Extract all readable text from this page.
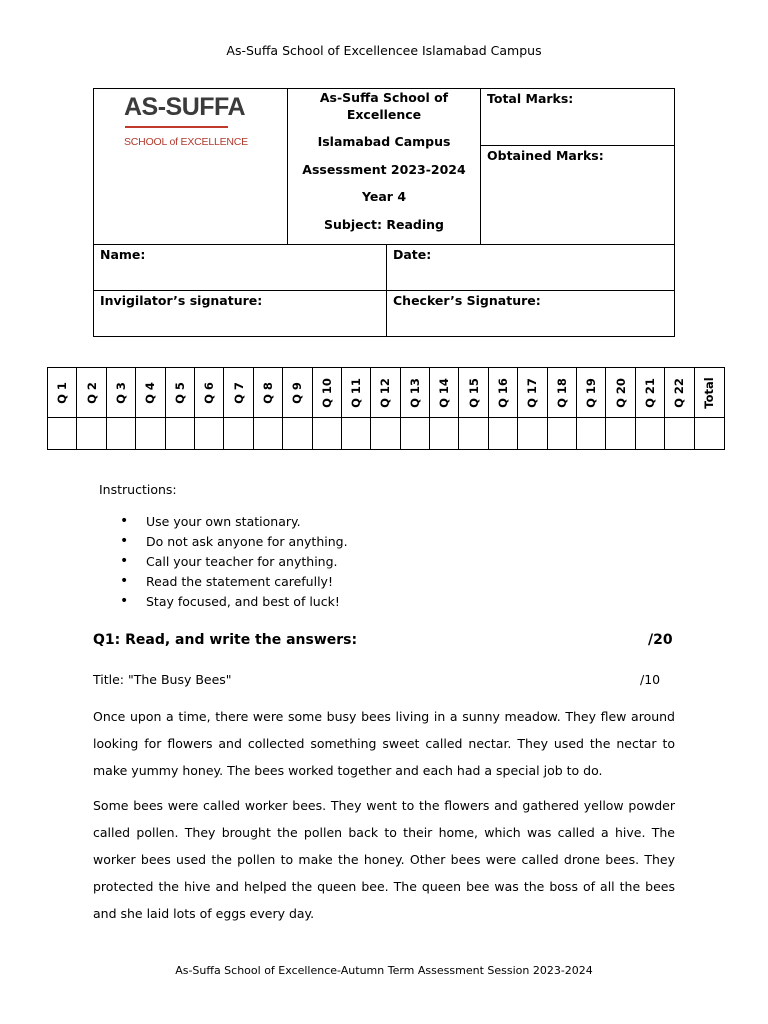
As-Suffa School of Excellencee Islamabad Campus
AS-SUFFA
SCHOOL of EXCELLENCE
As-Suffa School of
Excellence
Islamabad Campus
Assessment 2023-2024
Year 4
Subject: Reading
Total Marks:
Obtained Marks:
Name:	Date:
Invigilator’s signature:	Checker’s Signature:
Q 1 Q 2 Q 3 Q 4 Q 5 Q 6 Q 7 Q 8 Q 9 Q 10 Q 11 Q 12 Q 13 Q 14 Q 15 Q 16 Q 17 Q 18 Q 19 Q 20 Q 21 Q 22 Total
Instructions:
• Use your own stationary.
• Do not ask anyone for anything.
• Call your teacher for anything.
• Read the statement carefully!
• Stay focused, and best of luck!
Q1: Read, and write the answers:	/20
Title: "The Busy Bees"	/10

Once upon a time, there were some busy bees living in a sunny meadow. They flew around looking for flowers and collected something sweet called nectar. They used the nectar to make yummy honey. The bees worked together and each had a special job to do.

Some bees were called worker bees. They went to the flowers and gathered yellow powder called pollen. They brought the pollen back to their home, which was called a hive. The worker bees used the pollen to make the honey. Other bees were called drone bees. They protected the hive and helped the queen bee. The queen bee was the boss of all the bees and she laid lots of eggs every day.

As-Suffa School of Excellence-Autumn Term Assessment Session 2023-2024
